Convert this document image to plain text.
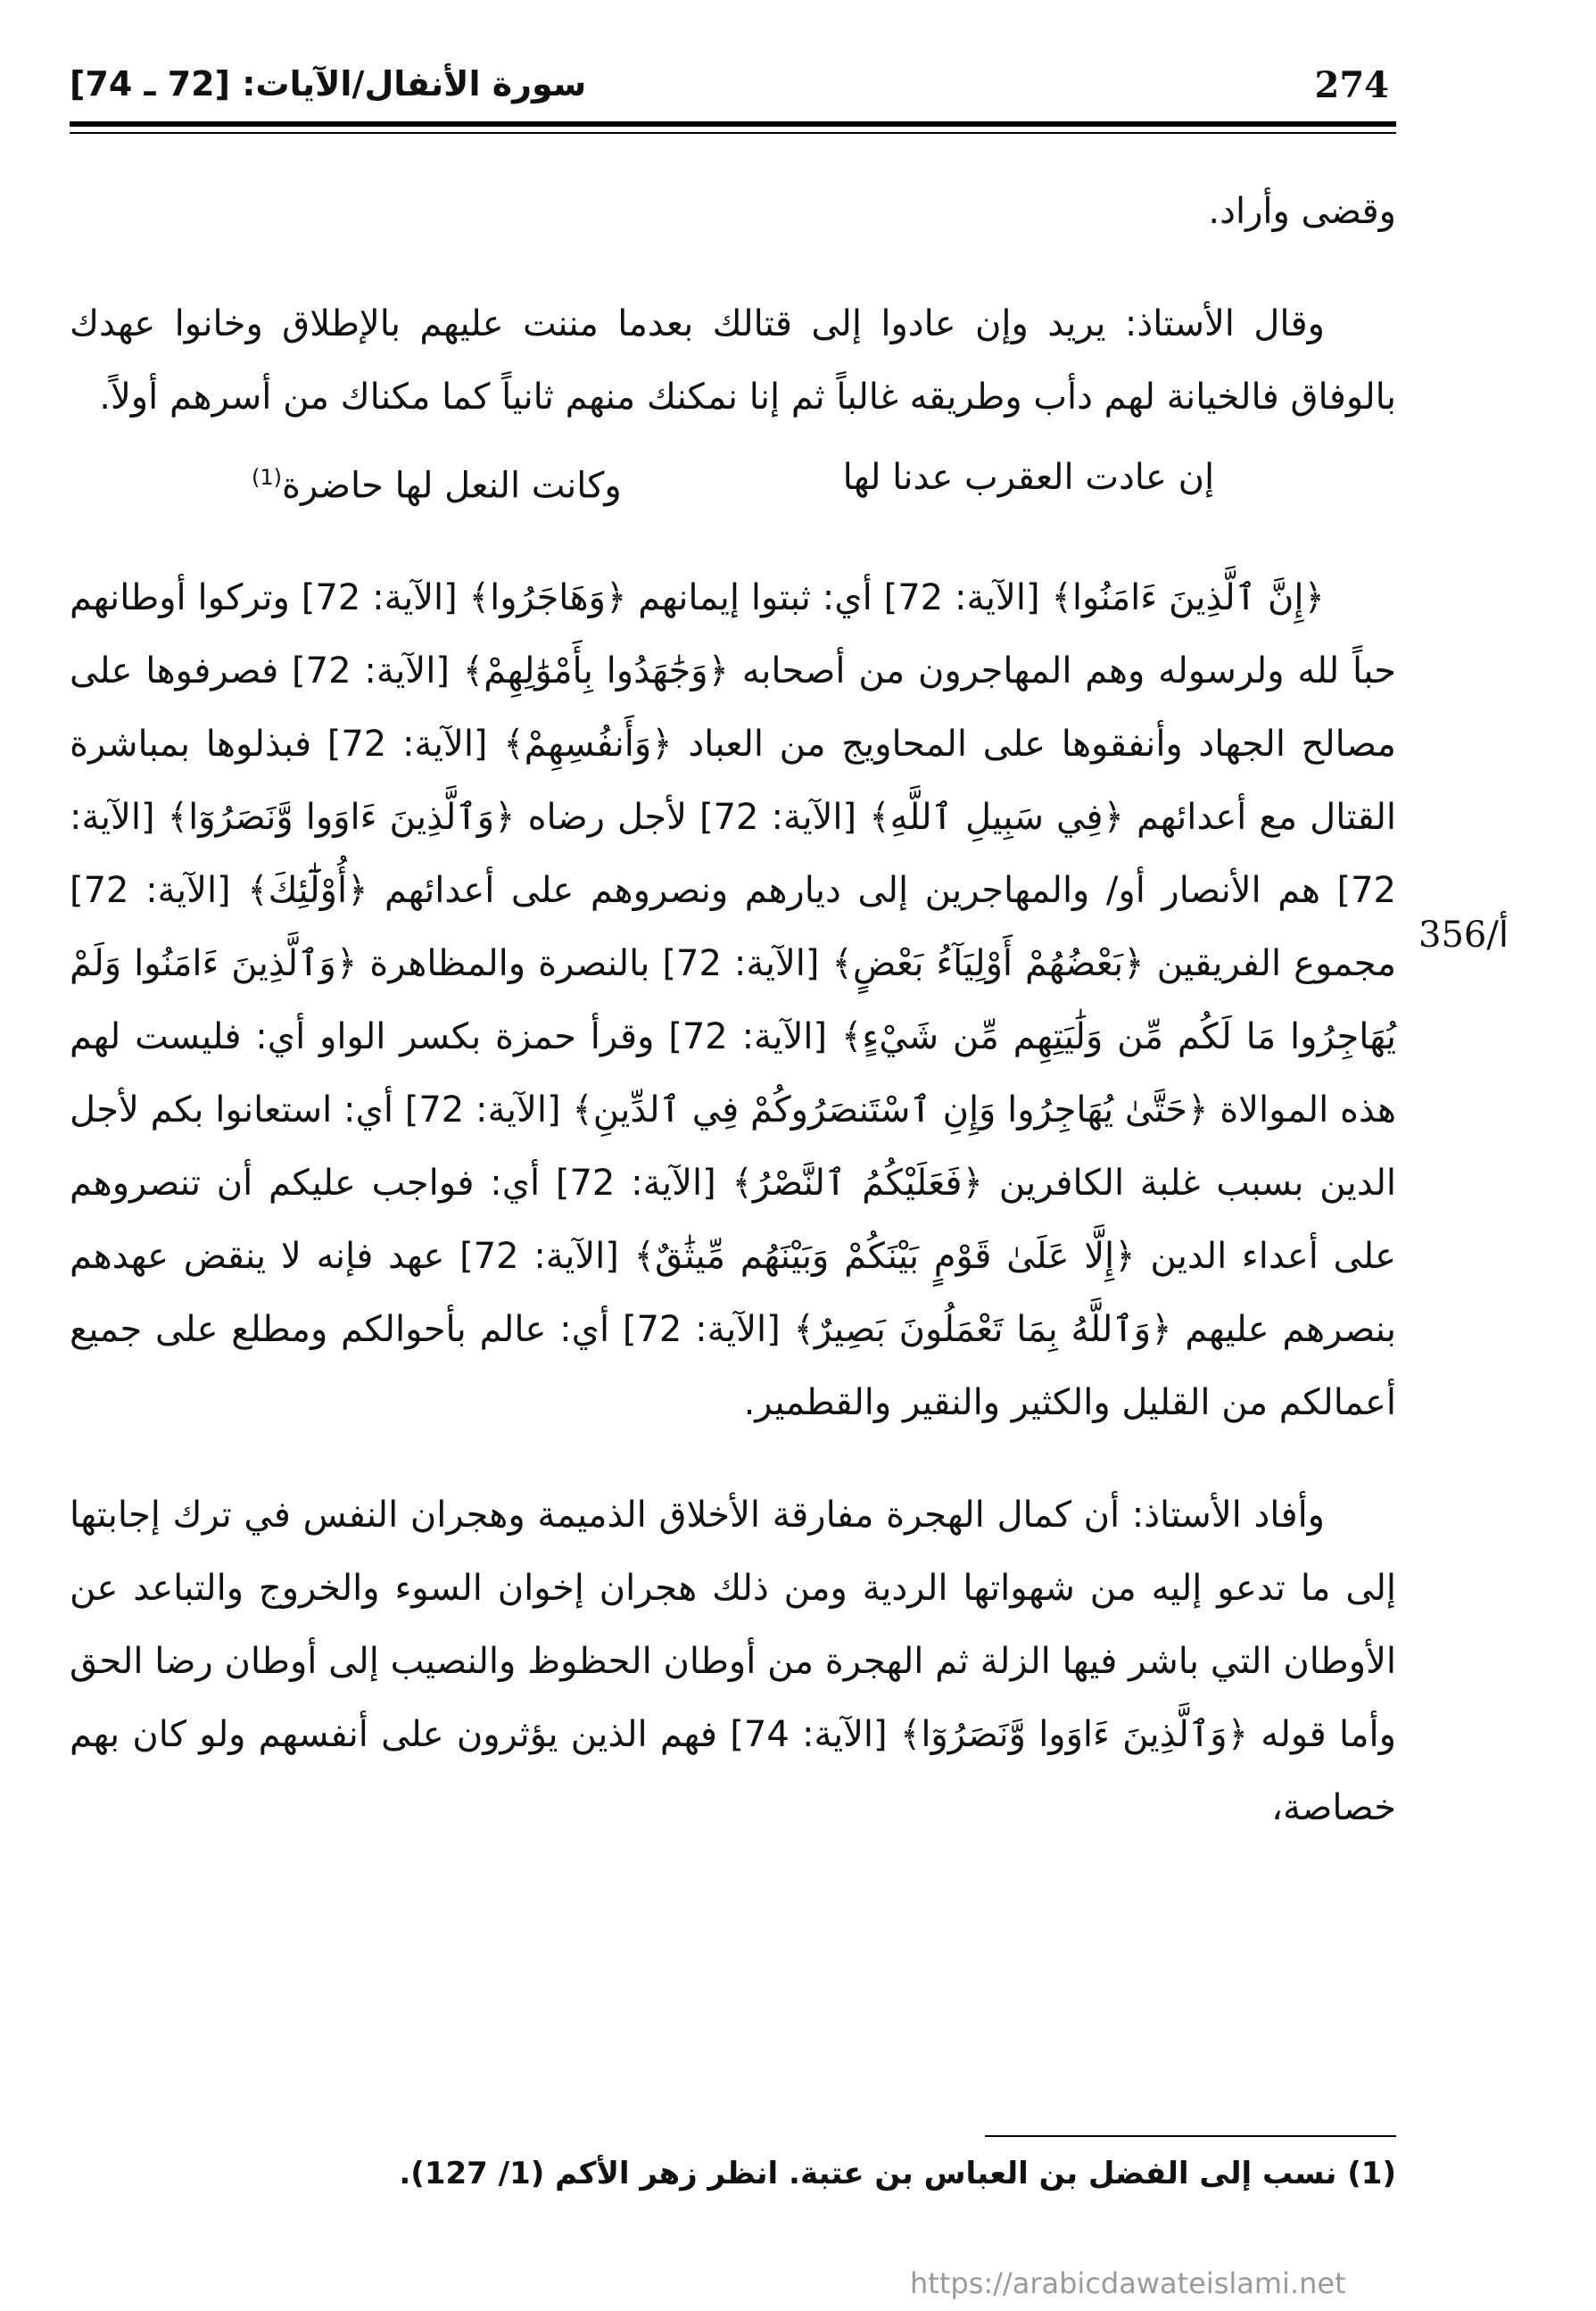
274
سورة الأنفال/الآيات: [72 ـ 74]

وقضى وأراد.

وقال الأستاذ: يريد وإن عادوا إلى قتالك بعدما مننت عليهم بالإطلاق وخانوا عهدك بالوفاق فالخيانة لهم دأب وطريقه غالباً ثم إنا نمكنك منهم ثانياً كما مكناك من أسرهم أولاً.

إن عادت العقرب عدنا لها
وكانت النعل لها حاضرة$^{(1)}$

﴿إِنَّ ٱلَّذِينَ ءَامَنُوا﴾ [الآية: 72] أي: ثبتوا إيمانهم ﴿وَهَاجَرُوا﴾ [الآية: 72] وتركوا أوطانهم حباً لله ولرسوله وهم المهاجرون من أصحابه ﴿وَجَٰهَدُوا بِأَمْوَٰلِهِمْ﴾ [الآية: 72] فصرفوها على مصالح الجهاد وأنفقوها على المحاويج من العباد ﴿وَأَنفُسِهِمْ﴾ [الآية: 72] فبذلوها بمباشرة القتال مع أعدائهم ﴿فِي سَبِيلِ ٱللَّهِ﴾ [الآية: 72] لأجل رضاه ﴿وَٱلَّذِينَ ءَاوَوا وَّنَصَرُوٓا﴾ [الآية: 72] هم الأنصار أو/ والمهاجرين إلى ديارهم ونصروهم على أعدائهم ﴿أُوْلَٰٓئِكَ﴾ [الآية: 72] مجموع الفريقين ﴿بَعْضُهُمْ أَوْلِيَآءُ بَعْضٍ﴾ [الآية: 72] بالنصرة والمظاهرة ﴿وَٱلَّذِينَ ءَامَنُوا وَلَمْ يُهَاجِرُوا مَا لَكُم مِّن وَلَٰيَتِهِم مِّن شَيْءٍ﴾ [الآية: 72] وقرأ حمزة بكسر الواو أي: فليست لهم هذه الموالاة ﴿حَتَّىٰ يُهَاجِرُوا وَإِنِ ٱسْتَنصَرُوكُمْ فِي ٱلدِّينِ﴾ [الآية: 72] أي: استعانوا بكم لأجل الدين بسبب غلبة الكافرين ﴿فَعَلَيْكُمُ ٱلنَّصْرُ﴾ [الآية: 72] أي: فواجب عليكم أن تنصروهم على أعداء الدين ﴿إِلَّا عَلَىٰ قَوْمٍ بَيْنَكُمْ وَبَيْنَهُم مِّيثَٰقٌ﴾ [الآية: 72] عهد فإنه لا ينقض عهدهم بنصرهم عليهم ﴿وَٱللَّهُ بِمَا تَعْمَلُونَ بَصِيرٌ﴾ [الآية: 72] أي: عالم بأحوالكم ومطلع على جميع أعمالكم من القليل والكثير والنقير والقطمير.

وأفاد الأستاذ: أن كمال الهجرة مفارقة الأخلاق الذميمة وهجران النفس في ترك إجابتها إلى ما تدعو إليه من شهواتها الردية ومن ذلك هجران إخوان السوء والخروج والتباعد عن الأوطان التي باشر فيها الزلة ثم الهجرة من أوطان الحظوظ والنصيب إلى أوطان رضا الحق وأما قوله ﴿وَٱلَّذِينَ ءَاوَوا وَّنَصَرُوٓا﴾ [الآية: 74] فهم الذين يؤثرون على أنفسهم ولو كان بهم خصاصة،

356/أ
(1) نسب إلى الفضل بن العباس بن عتبة. انظر زهر الأكم (1/ 127).
https://arabicdawateislami.net
